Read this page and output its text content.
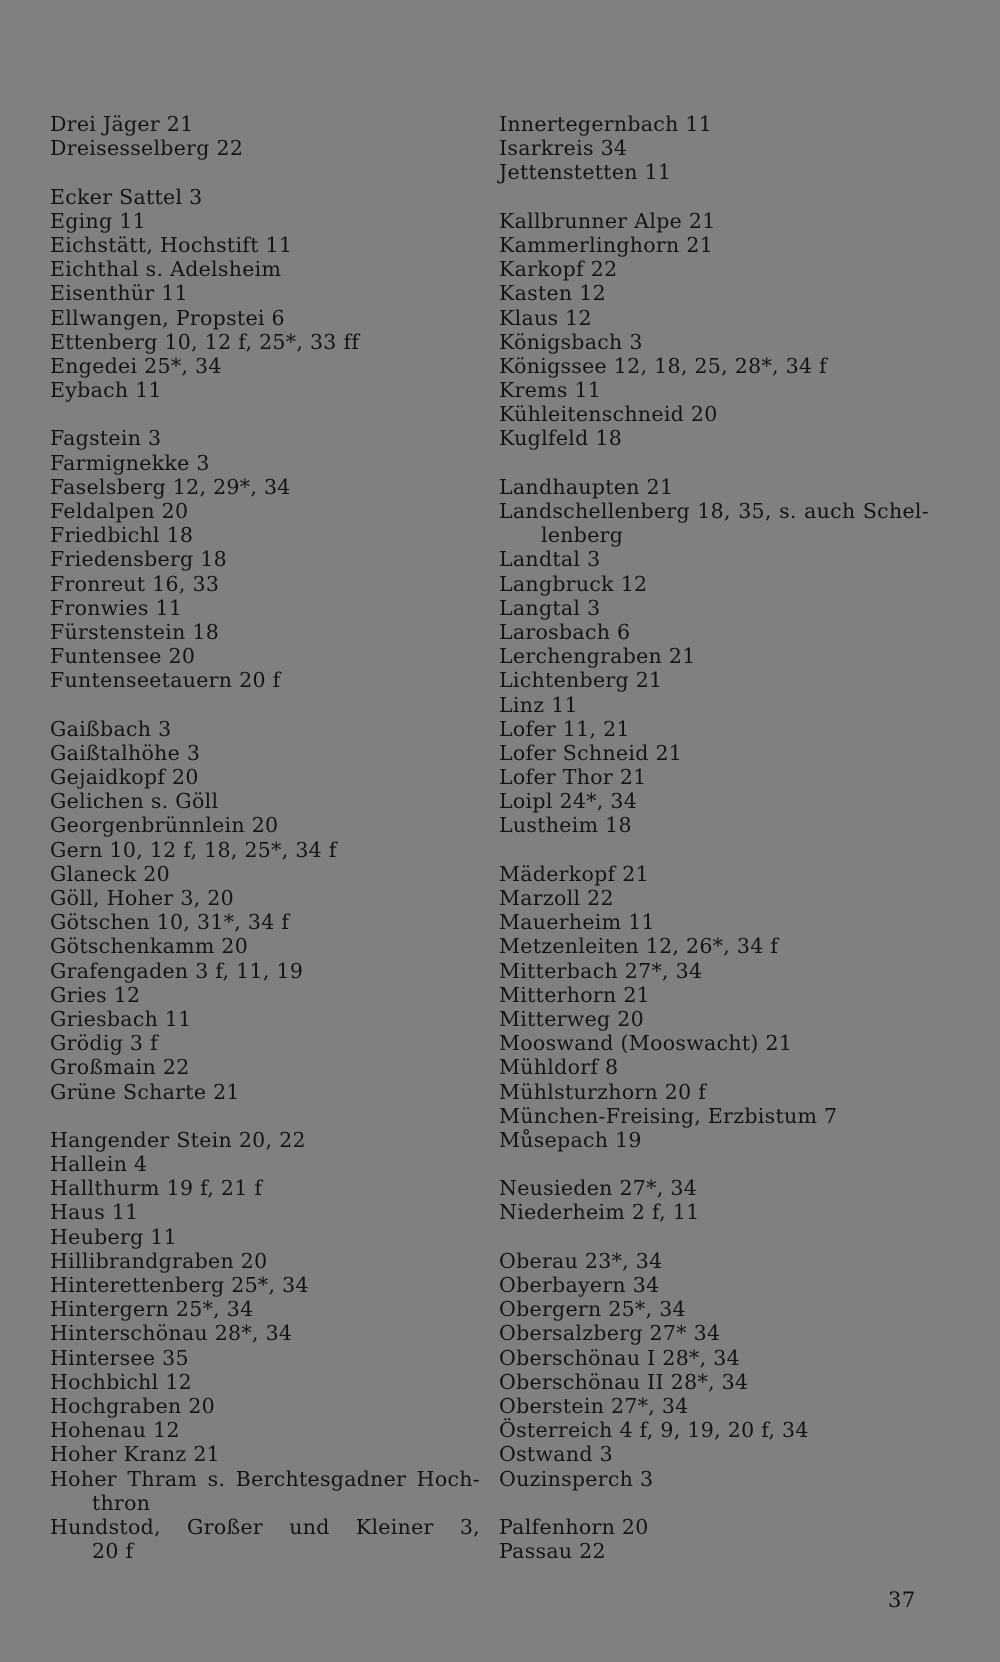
Drei Jäger 21
Dreisesselberg 22
Ecker Sattel 3
Eging 11
Eichstätt, Hochstift 11
Eichthal s. Adelsheim
Eisenthür 11
Ellwangen, Propstei 6
Ettenberg 10, 12 f, 25*, 33 ff
Engedei 25*, 34
Eybach 11
Fagstein 3
Farmignekke 3
Faselsberg 12, 29*, 34
Feldalpen 20
Friedbichl 18
Friedensberg 18
Fronreut 16, 33
Fronwies 11
Fürstenstein 18
Funtensee 20
Funtenseetauern 20 f
Gaißbach 3
Gaißtalhöhe 3
Gejaidkopf 20
Gelichen s. Göll
Georgenbrünnlein 20
Gern 10, 12 f, 18, 25*, 34 f
Glaneck 20
Göll, Hoher 3, 20
Götschen 10, 31*, 34 f
Götschenkamm 20
Grafengaden 3 f, 11, 19
Gries 12
Griesbach 11
Grödig 3 f
Großmain 22
Grüne Scharte 21
Hangender Stein 20, 22
Hallein 4
Hallthurm 19 f, 21 f
Haus 11
Heuberg 11
Hillibrandgraben 20
Hinterettenberg 25*, 34
Hintergern 25*, 34
Hinterschönau 28*, 34
Hintersee 35
Hochbichl 12
Hochgraben 20
Hohenau 12
Hoher Kranz 21
Hoher Thram s. Berchtesgadner Hoch-
thron
Hundstod, Großer und Kleiner 3,
20 f
Innertegernbach 11
Isarkreis 34
Jettenstetten 11
Kallbrunner Alpe 21
Kammerlinghorn 21
Karkopf 22
Kasten 12
Klaus 12
Königsbach 3
Königssee 12, 18, 25, 28*, 34 f
Krems 11
Kühleitenschneid 20
Kuglfeld 18
Landhaupten 21
Landschellenberg 18, 35, s. auch Schel-
lenberg
Landtal 3
Langbruck 12
Langtal 3
Larosbach 6
Lerchengraben 21
Lichtenberg 21
Linz 11
Lofer 11, 21
Lofer Schneid 21
Lofer Thor 21
Loipl 24*, 34
Lustheim 18
Mäderkopf 21
Marzoll 22
Mauerheim 11
Metzenleiten 12, 26*, 34 f
Mitterbach 27*, 34
Mitterhorn 21
Mitterweg 20
Mooswand (Mooswacht) 21
Mühldorf 8
Mühlsturzhorn 20 f
München-Freising, Erzbistum 7
Můsepach 19
Neusieden 27*, 34
Niederheim 2 f, 11
Oberau 23*, 34
Oberbayern 34
Obergern 25*, 34
Obersalzberg 27* 34
Oberschönau I 28*, 34
Oberschönau II 28*, 34
Oberstein 27*, 34
Österreich 4 f, 9, 19, 20 f, 34
Ostwand 3
Ouzinsperch 3
Palfenhorn 20
Passau 22
37
